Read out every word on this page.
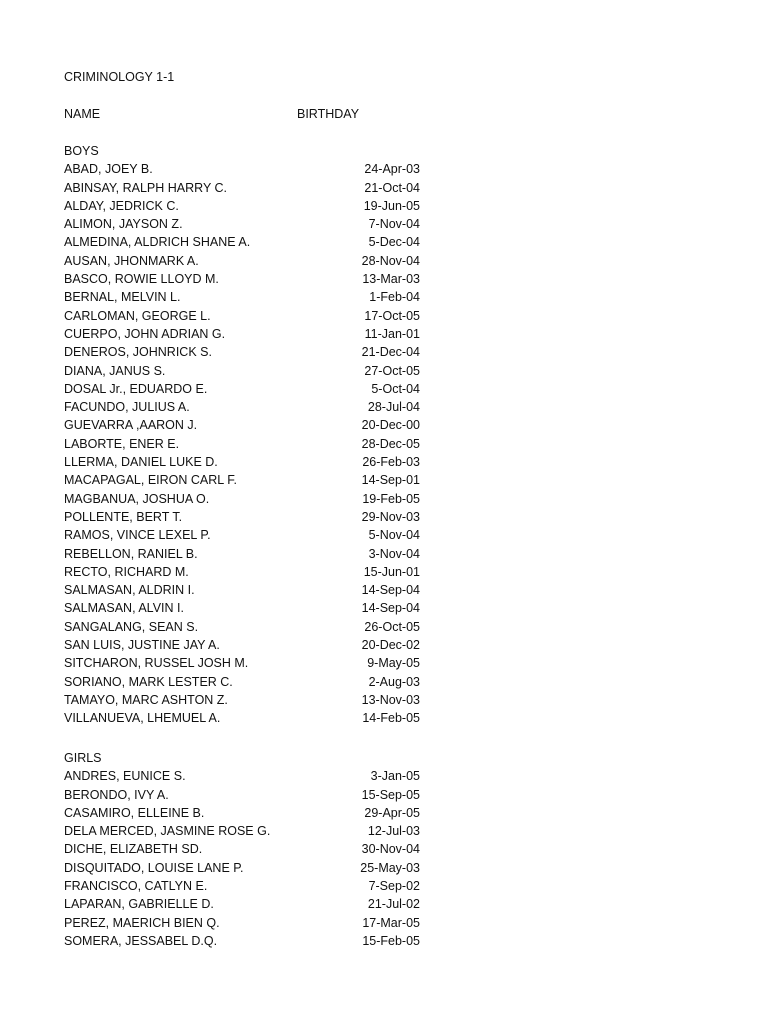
CRIMINOLOGY 1-1
NAME	BIRTHDAY
BOYS
ABAD, JOEY B.	24-Apr-03
ABINSAY, RALPH HARRY C.	21-Oct-04
ALDAY, JEDRICK C.	19-Jun-05
ALIMON, JAYSON Z.	7-Nov-04
ALMEDINA, ALDRICH SHANE A.	5-Dec-04
AUSAN, JHONMARK A.	28-Nov-04
BASCO, ROWIE LLOYD M.	13-Mar-03
BERNAL, MELVIN L.	1-Feb-04
CARLOMAN, GEORGE L.	17-Oct-05
CUERPO, JOHN ADRIAN G.	11-Jan-01
DENEROS, JOHNRICK S.	21-Dec-04
DIANA, JANUS S.	27-Oct-05
DOSAL Jr., EDUARDO E.	5-Oct-04
FACUNDO, JULIUS A.	28-Jul-04
GUEVARRA ,AARON J.	20-Dec-00
LABORTE, ENER E.	28-Dec-05
LLERMA, DANIEL LUKE D.	26-Feb-03
MACAPAGAL, EIRON CARL F.	14-Sep-01
MAGBANUA, JOSHUA O.	19-Feb-05
POLLENTE, BERT T.	29-Nov-03
RAMOS, VINCE LEXEL P.	5-Nov-04
REBELLON, RANIEL B.	3-Nov-04
RECTO, RICHARD M.	15-Jun-01
SALMASAN, ALDRIN I.	14-Sep-04
SALMASAN, ALVIN I.	14-Sep-04
SANGALANG, SEAN S.	26-Oct-05
SAN LUIS, JUSTINE JAY A.	20-Dec-02
SITCHARON, RUSSEL JOSH M.	9-May-05
SORIANO, MARK LESTER C.	2-Aug-03
TAMAYO, MARC ASHTON Z.	13-Nov-03
VILLANUEVA, LHEMUEL A.	14-Feb-05
GIRLS
ANDRES, EUNICE S.	3-Jan-05
BERONDO, IVY A.	15-Sep-05
CASAMIRO, ELLEINE B.	29-Apr-05
DELA MERCED, JASMINE ROSE G.	12-Jul-03
DICHE, ELIZABETH SD.	30-Nov-04
DISQUITADO, LOUISE LANE P.	25-May-03
FRANCISCO, CATLYN E.	7-Sep-02
LAPARAN, GABRIELLE D.	21-Jul-02
PEREZ, MAERICH BIEN Q.	17-Mar-05
SOMERA, JESSABEL D.Q.	15-Feb-05
